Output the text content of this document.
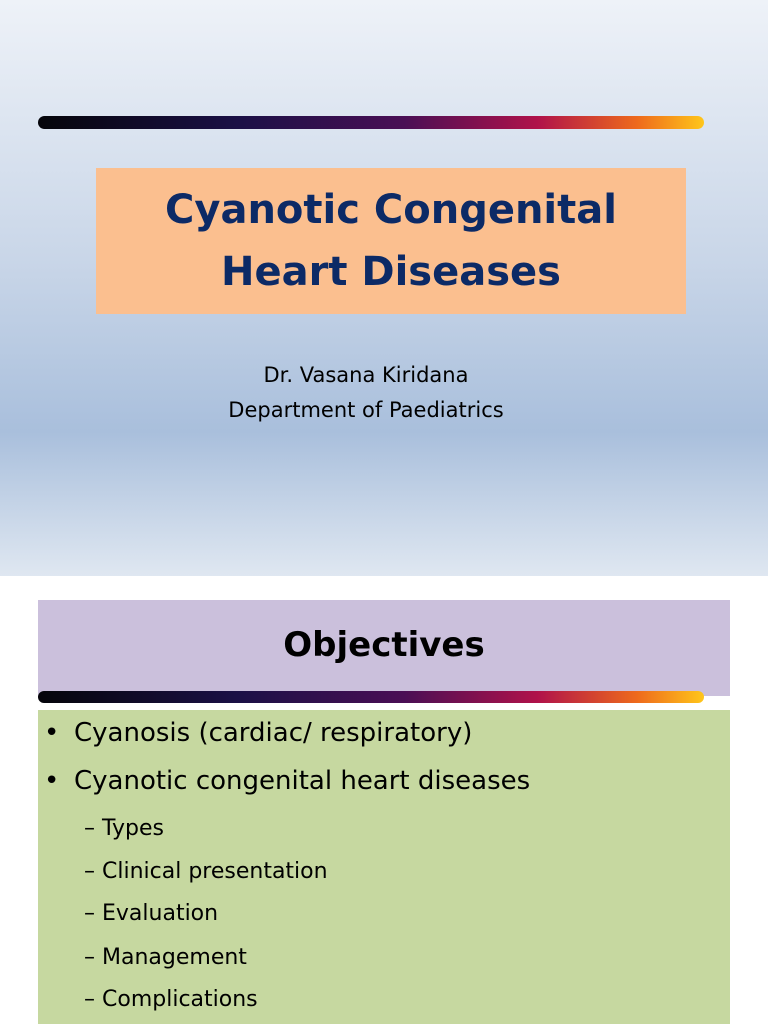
Cyanotic Congenital
Heart Diseases
Dr. Vasana Kiridana
Department of Paediatrics
Objectives
• Cyanosis (cardiac/ respiratory)
• Cyanotic congenital heart diseases
– Types
– Clinical presentation
– Evaluation
– Management
– Complications
